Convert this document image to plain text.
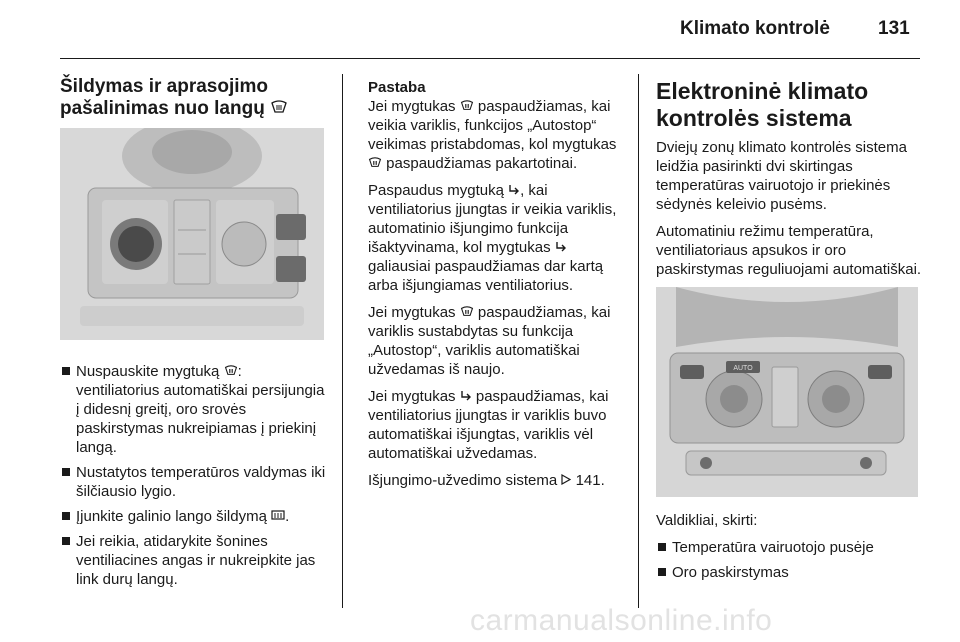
Klimato kontrolė	131
Šildymas ir aprasojimo
pašalinimas nuo langų
Nuspauskite mygtuką : ventiliatorius automatiškai persijungia į didesnį greitį, oro srovės paskirstymas nukreipiamas į priekinį langą.
Nustatytos temperatūros valdymas iki šilčiausio lygio.
Įjunkite galinio lango šildymą .
Jei reikia, atidarykite šonines ventiliacines angas ir nukreipkite jas link durų langų.

Pastaba
Jei mygtukas  paspaudžiamas, kai veikia variklis, funkcijos „Autostop“ veikimas pristabdomas, kol mygtukas  paspaudžiamas pakartotinai.

Paspaudus mygtuką , kai ventiliatorius įjungtas ir veikia variklis, automatinio išjungimo funkcija išaktyvinama, kol mygtukas  galiausiai paspaudžiamas dar kartą arba išjungiamas ventiliatorius.

Jei mygtukas  paspaudžiamas, kai variklis sustabdytas su funkcija „Autostop“, variklis automatiškai užvedamas iš naujo.

Jei mygtukas  paspaudžiamas, kai ventiliatorius įjungtas ir variklis buvo automatiškai išjungtas, variklis vėl automatiškai užvedamas.

Išjungimo-užvedimo sistema  141.

Elektroninė klimato
kontrolės sistema

Dviejų zonų klimato kontrolės sistema leidžia pasirinkti dvi skirtingas temperatūras vairuotojo ir priekinės sėdynės keleivio pusėms.

Automatiniu režimu temperatūra, ventiliatoriaus apsukos ir oro paskirstymas reguliuojami automatiškai.

AUTO

Valdikliai, skirti:

Temperatūra vairuotojo pusėje
Oro paskirstymas
carmanualsonline.info
